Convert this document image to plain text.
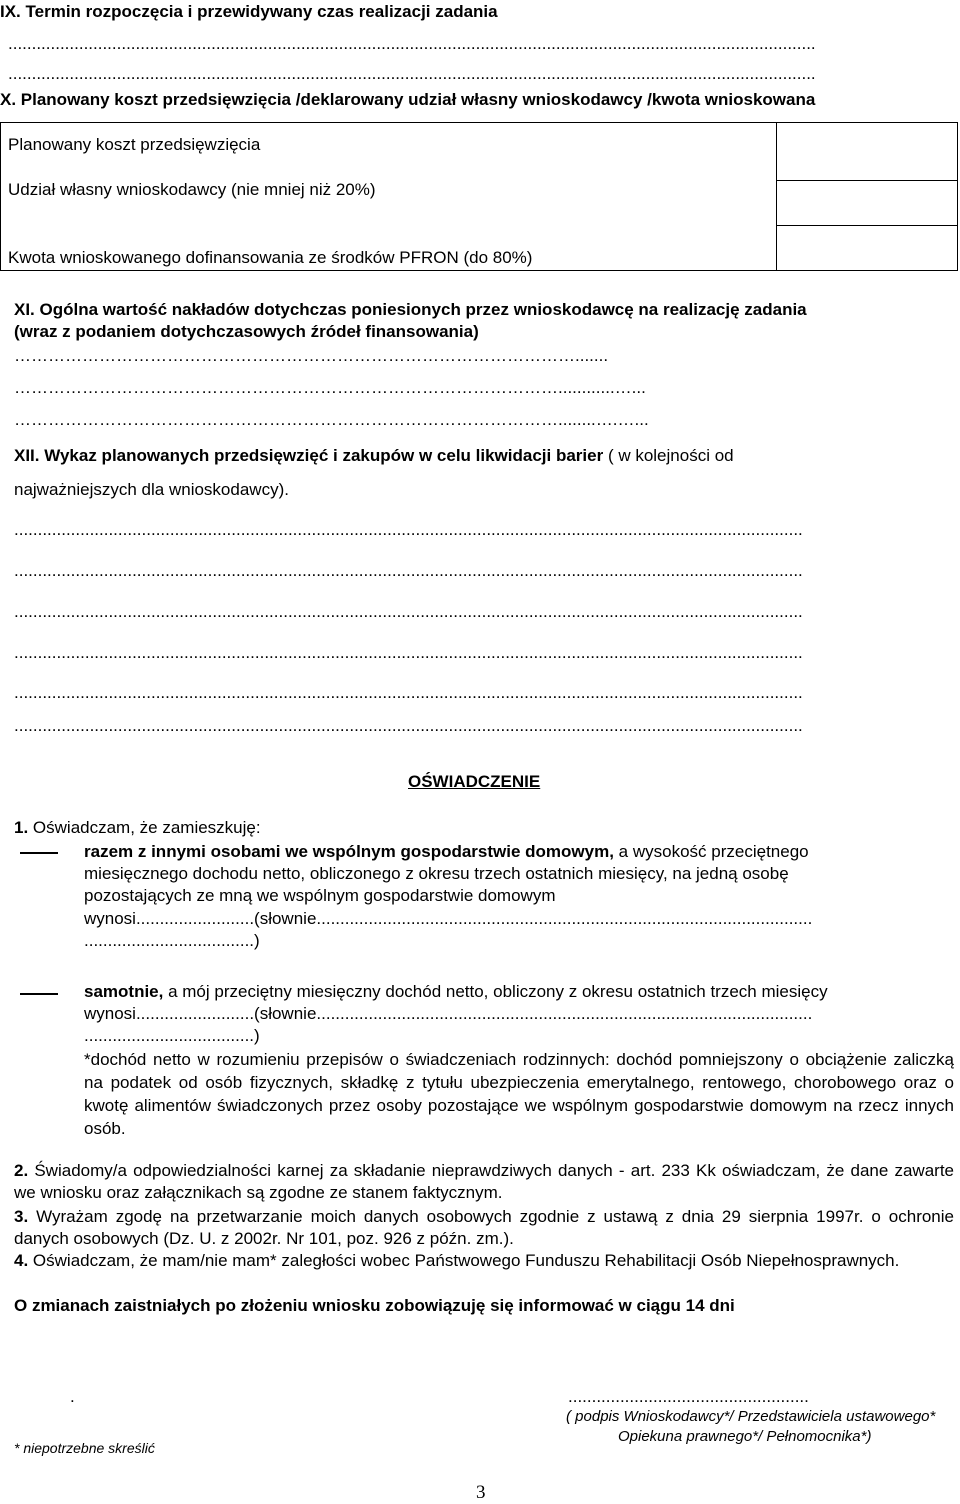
IX. Termin rozpoczęcia i przewidywany czas realizacji zadania
...........................................................................................................................................................................
...........................................................................................................................................................................
X. Planowany koszt przedsięwzięcia /deklarowany udział własny wnioskodawcy /kwota wnioskowana
Planowany koszt przedsięwzięcia
Udział własny wnioskodawcy (nie mniej niż 20%)
Kwota wnioskowanego dofinansowania ze środków PFRON (do 80%)
XI. Ogólna wartość nakładów dotychczas poniesionych przez wnioskodawcę na realizację zadania
(wraz z podaniem dotychczasowych źródeł finansowania)
……………………………………………………………………………………….......
……………………………………………………………………………………............…...
……………………………………………………………………………………........….…...
XII. Wykaz planowanych przedsięwzięć i zakupów w celu likwidacji barier ( w kolejności od
najważniejszych dla wnioskodawcy).
.......................................................................................................................................................................
.......................................................................................................................................................................
.......................................................................................................................................................................
.......................................................................................................................................................................
.......................................................................................................................................................................
.......................................................................................................................................................................
OŚWIADCZENIE
1. Oświadczam, że zamieszkuję:
razem z innymi osobami we wspólnym gospodarstwie domowym, a wysokość przeciętnego
miesięcznego dochodu netto, obliczonego z okresu trzech ostatnich miesięcy, na jedną osobę
pozostających ze mną we wspólnym gospodarstwie domowym
wynosi.........................(słownie.........................................................................................................
....................................)
samotnie, a mój przeciętny miesięczny dochód netto, obliczony z okresu ostatnich trzech miesięcy
wynosi.........................(słownie.........................................................................................................
....................................)
*dochód netto w rozumieniu przepisów o świadczeniach rodzinnych: dochód pomniejszony o obciążenie zaliczką na podatek od osób fizycznych, składkę z tytułu ubezpieczenia emerytalnego, rentowego, chorobowego oraz o kwotę alimentów świadczonych przez osoby pozostające we wspólnym gospodarstwie domowym na rzecz innych osób.
2. Świadomy/a odpowiedzialności karnej za składanie nieprawdziwych danych - art. 233 Kk oświadczam, że dane zawarte we wniosku oraz załącznikach są zgodne ze stanem faktycznym.
3. Wyrażam zgodę na przetwarzanie moich danych osobowych zgodnie z ustawą z dnia 29 sierpnia 1997r. o ochronie danych osobowych (Dz. U. z 2002r. Nr 101, poz. 926 z późn. zm.).
4. Oświadczam, że mam/nie mam* zaległości wobec Państwowego Funduszu Rehabilitacji Osób Niepełnosprawnych.
O zmianach zaistniałych po złożeniu wniosku zobowiązuję się informować w ciągu 14 dni
.	...................................................
( podpis Wnioskodawcy*/ Przedstawiciela ustawowego*
Opiekuna prawnego*/ Pełnomocnika*)
* niepotrzebne skreślić
3
